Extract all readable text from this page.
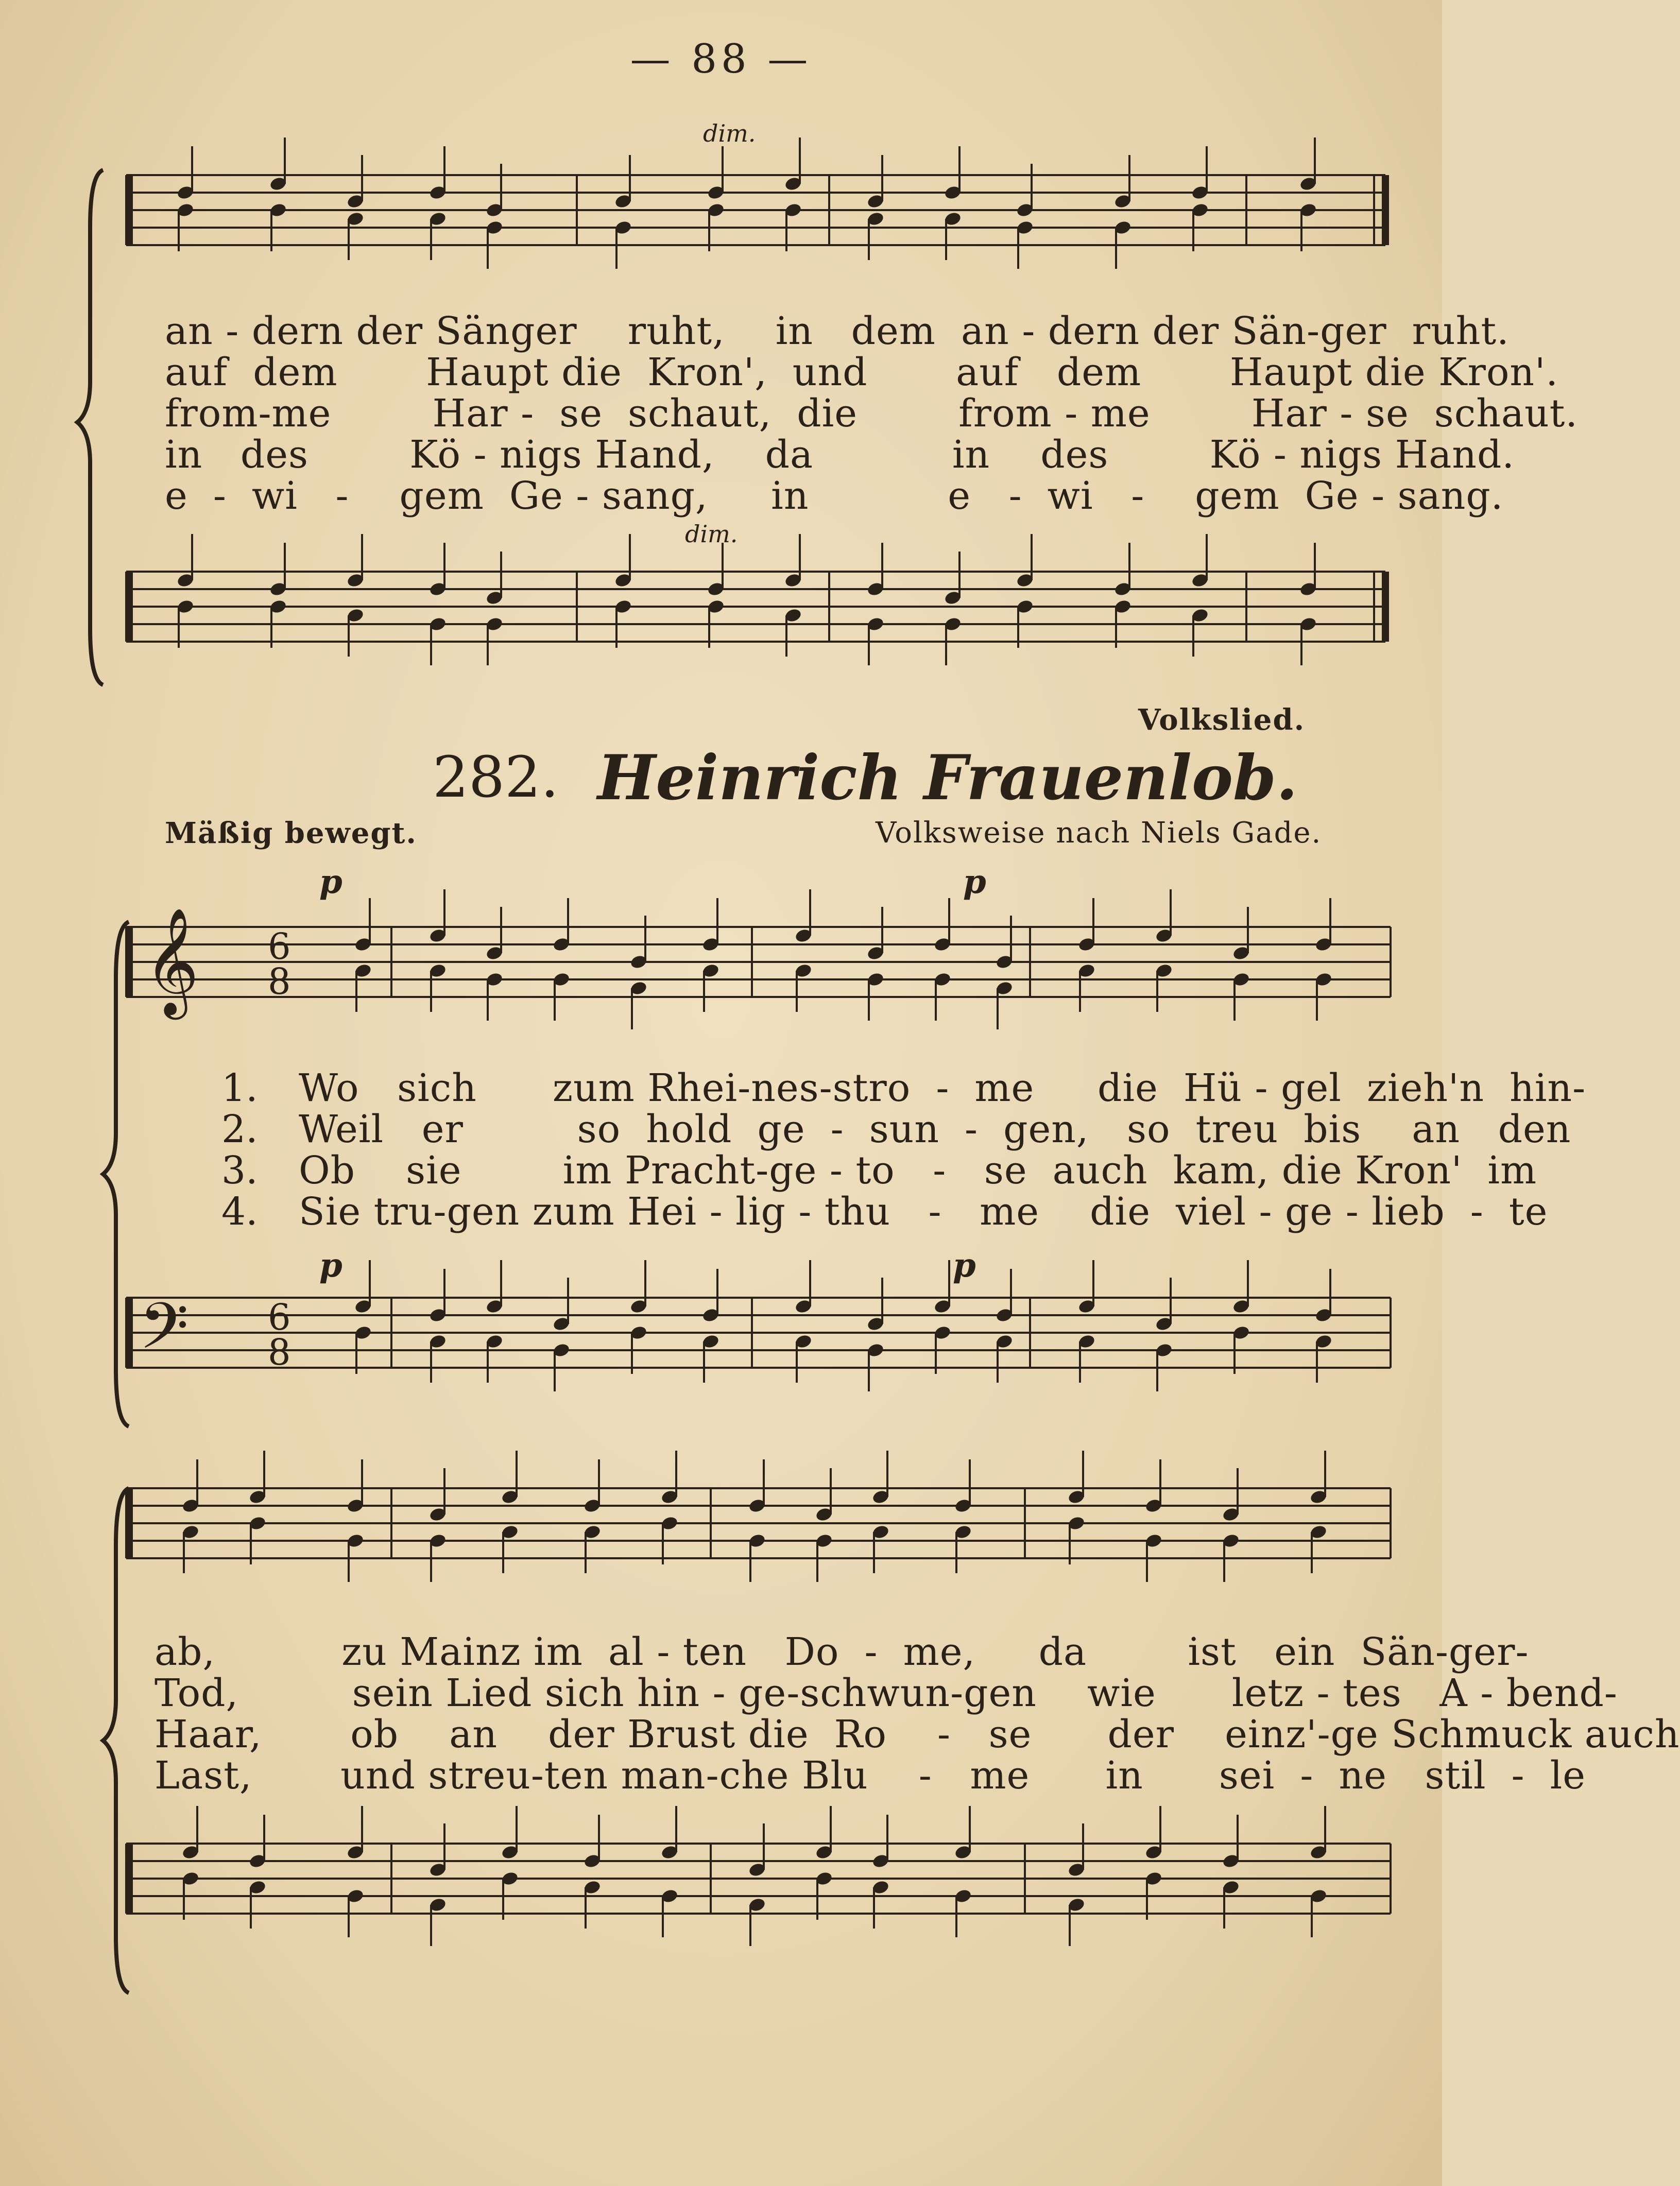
— 88 —
dim.
an - dern der Sänger    ruht,    in   dem  an - dern der Sän-ger  ruht.
auf  dem       Haupt die  Kron',  und       auf   dem       Haupt die Kron'.
from-me        Har -  se  schaut,  die        from - me        Har - se  schaut.
in   des        Kö - nigs Hand,    da           in    des        Kö - nigs Hand.
e  -  wi   -    gem  Ge - sang,     in           e   -  wi   -    gem  Ge - sang.
dim.
Volkslied.
282. Heinrich Frauenlob.
Mäßig bewegt.	Volksweise nach Niels Gade.
p	p
𝄞 6
8
1.
2.
3.
4.
Wo   sich      zum Rhei-nes-stro  -  me     die  Hü - gel  zieh'n  hin-
Weil   er         so  hold  ge  -  sun  -  gen,   so  treu  bis    an   den
Ob    sie        im Pracht-ge - to   -   se  auch  kam, die Kron'  im
Sie tru-gen zum Hei - lig - thu   -   me    die  viel - ge - lieb  -  te
p	p
𝄢 6
8
ab,          zu Mainz im  al - ten   Do  -  me,     da        ist   ein  Sän-ger-
Tod,         sein Lied sich hin - ge-schwun-gen    wie      letz - tes   A - bend-
Haar,       ob    an    der Brust die  Ro    -   se      der    einz'-ge Schmuck auch
Last,       und streu-ten man-che Blu    -   me      in      sei  -  ne   stil  -  le
